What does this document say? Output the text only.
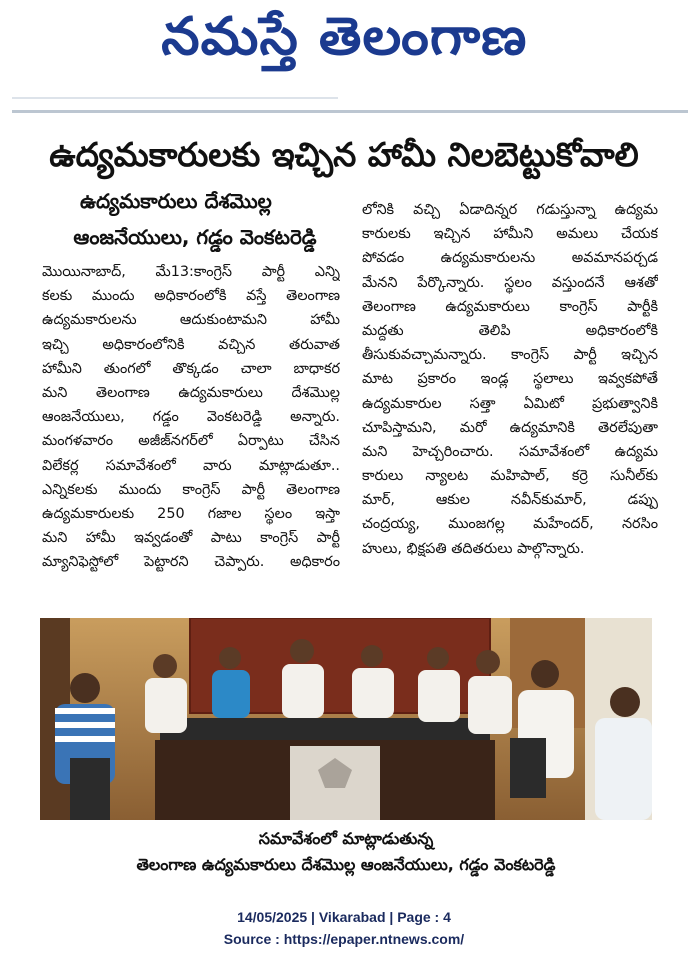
నమస్తే తెలంగాణ
ఉద్యమకారులకు ఇచ్చిన హామీ నిలబెట్టుకోవాలి
ఉద్యమకారులు దేశమొల్ల
ఆంజనేయులు, గడ్డం వెంకటరెడ్డి
మొయినాబాద్, మే13:కాంగ్రెస్ పార్టీ ఎన్ని
కలకు ముందు అధికారంలోకి వస్తే తెలంగాణ
ఉద్యమకారులను ఆదుకుంటామని హామీ
ఇచ్చి అధికారంలోనికి వచ్చిన తరువాత
హామీని తుంగలో తొక్కడం చాలా బాధాకర
మని తెలంగాణ ఉద్యమకారులు దేశమొల్ల
ఆంజనేయులు, గడ్డం వెంకటరెడ్డి అన్నారు.
మంగళవారం అజీజ్‌నగర్‌లో ఏర్పాటు చేసిన
విలేకర్ల సమావేశంలో వారు మాట్లాడుతూ..
ఎన్నికలకు ముందు కాంగ్రెస్ పార్టీ తెలంగాణ
ఉద్యమకారులకు 250 గజాల స్థలం ఇస్తా
మని హామీ ఇవ్వడంతో పాటు కాంగ్రెస్ పార్టీ
మ్యానిఫెస్టోలో పెట్టారని చెప్పారు. అధికారం
లోనికి వచ్చి ఏడాదిన్నర గడుస్తున్నా ఉద్యమ
కారులకు ఇచ్చిన హామీని అమలు చేయక
పోవడం ఉద్యమకారులను అవమానపర్చడ
మేనని పేర్కొన్నారు. స్థలం వస్తుందనే ఆశతో
తెలంగాణ ఉద్యమకారులు కాంగ్రెస్ పార్టీకి
మద్దతు తెలిపి అధికారంలోకి
తీసుకువచ్చామన్నారు. కాంగ్రెస్ పార్టీ ఇచ్చిన
మాట ప్రకారం ఇండ్ల స్థలాలు ఇవ్వకపోతే
ఉద్యమకారుల సత్తా ఏమిటో ప్రభుత్వానికి
చూపిస్తామని, మరో ఉద్యమానికి తెరలేపుతా
మని హెచ్చరించారు. సమావేశంలో ఉద్యమ
కారులు న్యాలట మహిపాల్, కర్రె సునీల్‌కు
మార్, ఆకుల నవీన్‌కుమార్, డప్పు
చంద్రయ్య, ముంజగల్ల మహేందర్, నరసిం
హులు, భిక్షపతి తదితరులు పాల్గొన్నారు.
సమావేశంలో మాట్లాడుతున్న
తెలంగాణ ఉద్యమకారులు దేశమొల్ల ఆంజనేయులు, గడ్డం వెంకటరెడ్డి
14/05/2025 | Vikarabad | Page : 4
Source : https://epaper.ntnews.com/
